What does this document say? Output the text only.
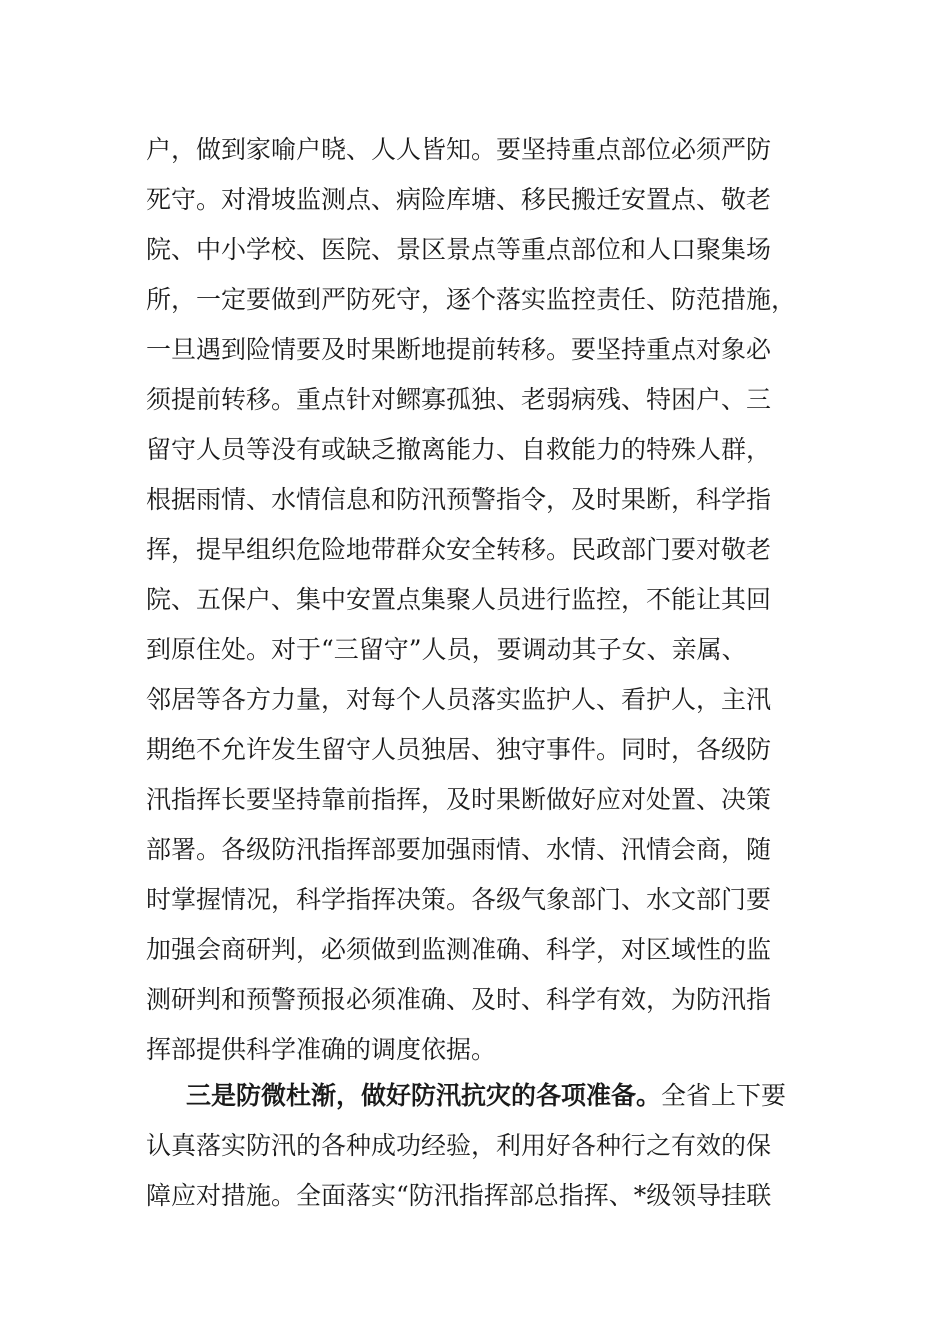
户，做到家喻户晓、人人皆知。要坚持重点部位必须严防
死守。对滑坡监测点、病险库塘、移民搬迁安置点、敬老
院、中小学校、医院、景区景点等重点部位和人口聚集场
所，一定要做到严防死守，逐个落实监控责任、防范措施，
一旦遇到险情要及时果断地提前转移。要坚持重点对象必
须提前转移。重点针对鳏寡孤独、老弱病残、特困户、三
留守人员等没有或缺乏撤离能力、自救能力的特殊人群，
根据雨情、水情信息和防汛预警指令，及时果断，科学指
挥，提早组织危险地带群众安全转移。民政部门要对敬老
院、五保户、集中安置点集聚人员进行监控，不能让其回
到原住处。对于“三留守”人员，要调动其子女、亲属、
邻居等各方力量，对每个人员落实监护人、看护人，主汛
期绝不允许发生留守人员独居、独守事件。同时，各级防
汛指挥长要坚持靠前指挥，及时果断做好应对处置、决策
部署。各级防汛指挥部要加强雨情、水情、汛情会商，随
时掌握情况，科学指挥决策。各级气象部门、水文部门要
加强会商研判，必须做到监测准确、科学，对区域性的监
测研判和预警预报必须准确、及时、科学有效，为防汛指
挥部提供科学准确的调度依据。
三是防微杜渐，做好防汛抗灾的各项准备。全省上下要
认真落实防汛的各种成功经验，利用好各种行之有效的保
障应对措施。全面落实“防汛指挥部总指挥、*级领导挂联
